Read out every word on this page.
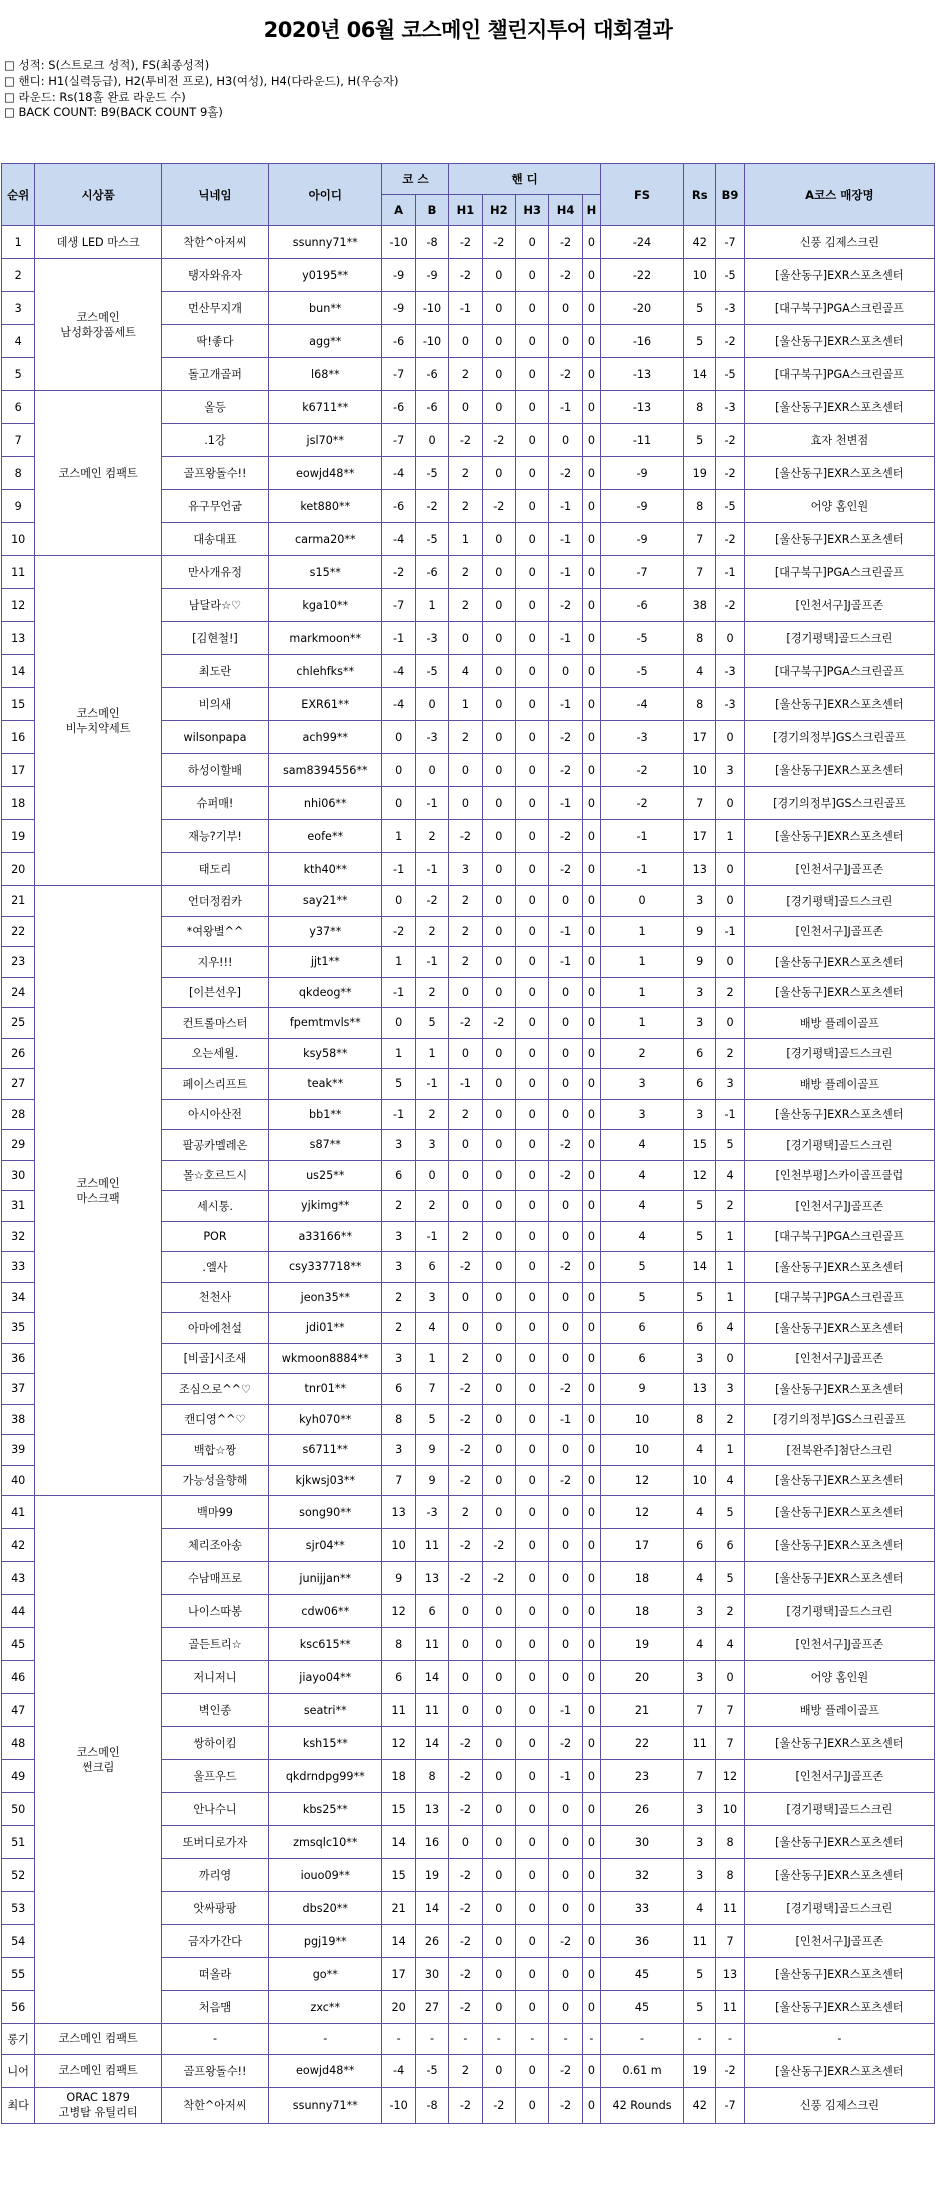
2020년 06월 코스메인 챌린지투어 대회결과
□ 성적: S(스트로크 성적), FS(최종성적)
□ 핸디: H1(실력등급), H2(투비전 프로), H3(여성), H4(다라운드), H(우승자)
□ 라운드: Rs(18홀 완료 라운드 수)
□ BACK COUNT: B9(BACK COUNT 9홀)
순위	시상품	닉네임	아이디	코 스		핸 디					FS	Rs	B9	A코스 매장명
				A	B	H1	H2	H3	H4	H				
1	데생 LED 마스크	착한^아저씨	ssunny71**	-10	-8	-2	-2	0	-2	0	-24	42	-7	신풍 김제스크린
2	코스메인
남성화장품세트	탱자와유자	y0195**	-9	-9	-2	0	0	-2	0	-22	10	-5	[울산동구]EXR스포츠센터
3		먼산무지개	bun**	-9	-10	-1	0	0	0	0	-20	5	-3	[대구북구]PGA스크린골프
4		딱!좋다	agg**	-6	-10	0	0	0	0	0	-16	5	-2	[울산동구]EXR스포츠센터
5		돌고개골퍼	l68**	-7	-6	2	0	0	-2	0	-13	14	-5	[대구북구]PGA스크린골프
6	코스메인 컴팩트	올등	k6711**	-6	-6	0	0	0	-1	0	-13	8	-3	[울산동구]EXR스포츠센터
7		.1강	jsl70**	-7	0	-2	-2	0	0	0	-11	5	-2	효자 천변점
8		골프왕돌수!!	eowjd48**	-4	-5	2	0	0	-2	0	-9	19	-2	[울산동구]EXR스포츠센터
9		유구무언굽	ket880**	-6	-2	2	-2	0	-1	0	-9	8	-5	어양 홈인원
10		대송대표	carma20**	-4	-5	1	0	0	-1	0	-9	7	-2	[울산동구]EXR스포츠센터
11	코스메인
비누치약세트	만사개유정	s15**	-2	-6	2	0	0	-1	0	-7	7	-1	[대구북구]PGA스크린골프
12		남달라☆♡	kga10**	-7	1	2	0	0	-2	0	-6	38	-2	[인천서구]J골프존
13		[김현철!]	markmoon**	-1	-3	0	0	0	-1	0	-5	8	0	[경기평택]골드스크린
14		최도란	chlehfks**	-4	-5	4	0	0	0	0	-5	4	-3	[대구북구]PGA스크린골프
15		비의새	EXR61**	-4	0	1	0	0	-1	0	-4	8	-3	[울산동구]EXR스포츠센터
16		wilsonpapa	ach99**	0	-3	2	0	0	-2	0	-3	17	0	[경기의정부]GS스크린골프
17		하성이할배	sam8394556**	0	0	0	0	0	-2	0	-2	10	3	[울산동구]EXR스포츠센터
18		슈퍼매!	nhi06**	0	-1	0	0	0	-1	0	-2	7	0	[경기의정부]GS스크린골프
19		재능?기부!	eofe**	1	2	-2	0	0	-2	0	-1	17	1	[울산동구]EXR스포츠센터
20		태도리	kth40**	-1	-1	3	0	0	-2	0	-1	13	0	[인천서구]J골프존
21	코스메인
마스크팩	언더정컴카	say21**	0	-2	2	0	0	0	0	0	3	0	[경기평택]골드스크린
22		*여왕별^^	y37**	-2	2	2	0	0	-1	0	1	9	-1	[인천서구]J골프존
23		지우!!!	jjt1**	1	-1	2	0	0	-1	0	1	9	0	[울산동구]EXR스포츠센터
24		[이븐선우]	qkdeog**	-1	2	0	0	0	0	0	1	3	2	[울산동구]EXR스포츠센터
25		컨트롤마스터	fpemtmvls**	0	5	-2	-2	0	0	0	1	3	0	배방 플레이골프
26		오는세월.	ksy58**	1	1	0	0	0	0	0	2	6	2	[경기평택]골드스크린
27		페이스리프트	teak**	5	-1	-1	0	0	0	0	3	6	3	배방 플레이골프
28		아시아산전	bb1**	-1	2	2	0	0	0	0	3	3	-1	[울산동구]EXR스포츠센터
29		팔공카멜레온	s87**	3	3	0	0	0	-2	0	4	15	5	[경기평택]골드스크린
30		몰☆호르드시	us25**	6	0	0	0	0	-2	0	4	12	4	[인천부평]스카이골프클럽
31		세시통.	yjkimg**	2	2	0	0	0	0	0	4	5	2	[인천서구]J골프존
32		POR	a33166**	3	-1	2	0	0	0	0	4	5	1	[대구북구]PGA스크린골프
33		.엘사	csy337718**	3	6	-2	0	0	-2	0	5	14	1	[울산동구]EXR스포츠센터
34		천천사	jeon35**	2	3	0	0	0	0	0	5	5	1	[대구북구]PGA스크린골프
35		아마에천설	jdi01**	2	4	0	0	0	0	0	6	6	4	[울산동구]EXR스포츠센터
36		[비골]시조새	wkmoon8884**	3	1	2	0	0	0	0	6	3	0	[인천서구]J골프존
37		조심으로^^♡	tnr01**	6	7	-2	0	0	-2	0	9	13	3	[울산동구]EXR스포츠센터
38		캔디영^^♡	kyh070**	8	5	-2	0	0	-1	0	10	8	2	[경기의정부]GS스크린골프
39		백합☆짱	s6711**	3	9	-2	0	0	0	0	10	4	1	[전북완주]첨단스크린
40		가능성을향해	kjkwsj03**	7	9	-2	0	0	-2	0	12	10	4	[울산동구]EXR스포츠센터
41	코스메인
썬크림	백마99	song90**	13	-3	2	0	0	0	0	12	4	5	[울산동구]EXR스포츠센터
42		체리조아송	sjr04**	10	11	-2	-2	0	0	0	17	6	6	[울산동구]EXR스포츠센터
43		수남매프로	junijjan**	9	13	-2	-2	0	0	0	18	4	5	[울산동구]EXR스포츠센터
44		나이스따봉	cdw06**	12	6	0	0	0	0	0	18	3	2	[경기평택]골드스크린
45		골든트리☆	ksc615**	8	11	0	0	0	0	0	19	4	4	[인천서구]J골프존
46		저니저니	jiayo04**	6	14	0	0	0	0	0	20	3	0	어양 홈인원
47		벽인종	seatri**	11	11	0	0	0	-1	0	21	7	7	배방 플레이골프
48		쌍하이킴	ksh15**	12	14	-2	0	0	-2	0	22	11	7	[울산동구]EXR스포츠센터
49		울프우드	qkdrndpg99**	18	8	-2	0	0	-1	0	23	7	12	[인천서구]J골프존
50		안나수니	kbs25**	15	13	-2	0	0	0	0	26	3	10	[경기평택]골드스크린
51		또버디로가자	zmsqlc10**	14	16	0	0	0	0	0	30	3	8	[울산동구]EXR스포츠센터
52		까리영	iouo09**	15	19	-2	0	0	0	0	32	3	8	[울산동구]EXR스포츠센터
53		앗싸팡팡	dbs20**	21	14	-2	0	0	0	0	33	4	11	[경기평택]골드스크린
54		금자가간다	pgj19**	14	26	-2	0	0	-2	0	36	11	7	[인천서구]J골프존
55		떠올라	go**	17	30	-2	0	0	0	0	45	5	13	[울산동구]EXR스포츠센터
56		처음맴	zxc**	20	27	-2	0	0	0	0	45	5	11	[울산동구]EXR스포츠센터
롱기	코스메인 컴팩트	-	-	-	-	-	-	-	-	-	-	-	-	-
니어	코스메인 컴팩트	골프왕돌수!!	eowjd48**	-4	-5	2	0	0	-2	0	0.61 m	19	-2	[울산동구]EXR스포츠센터
최다	ORAC 1879
고병탐 유틸리티	착한^아저씨	ssunny71**	-10	-8	-2	-2	0	-2	0	42 Rounds	42	-7	신풍 김제스크린
